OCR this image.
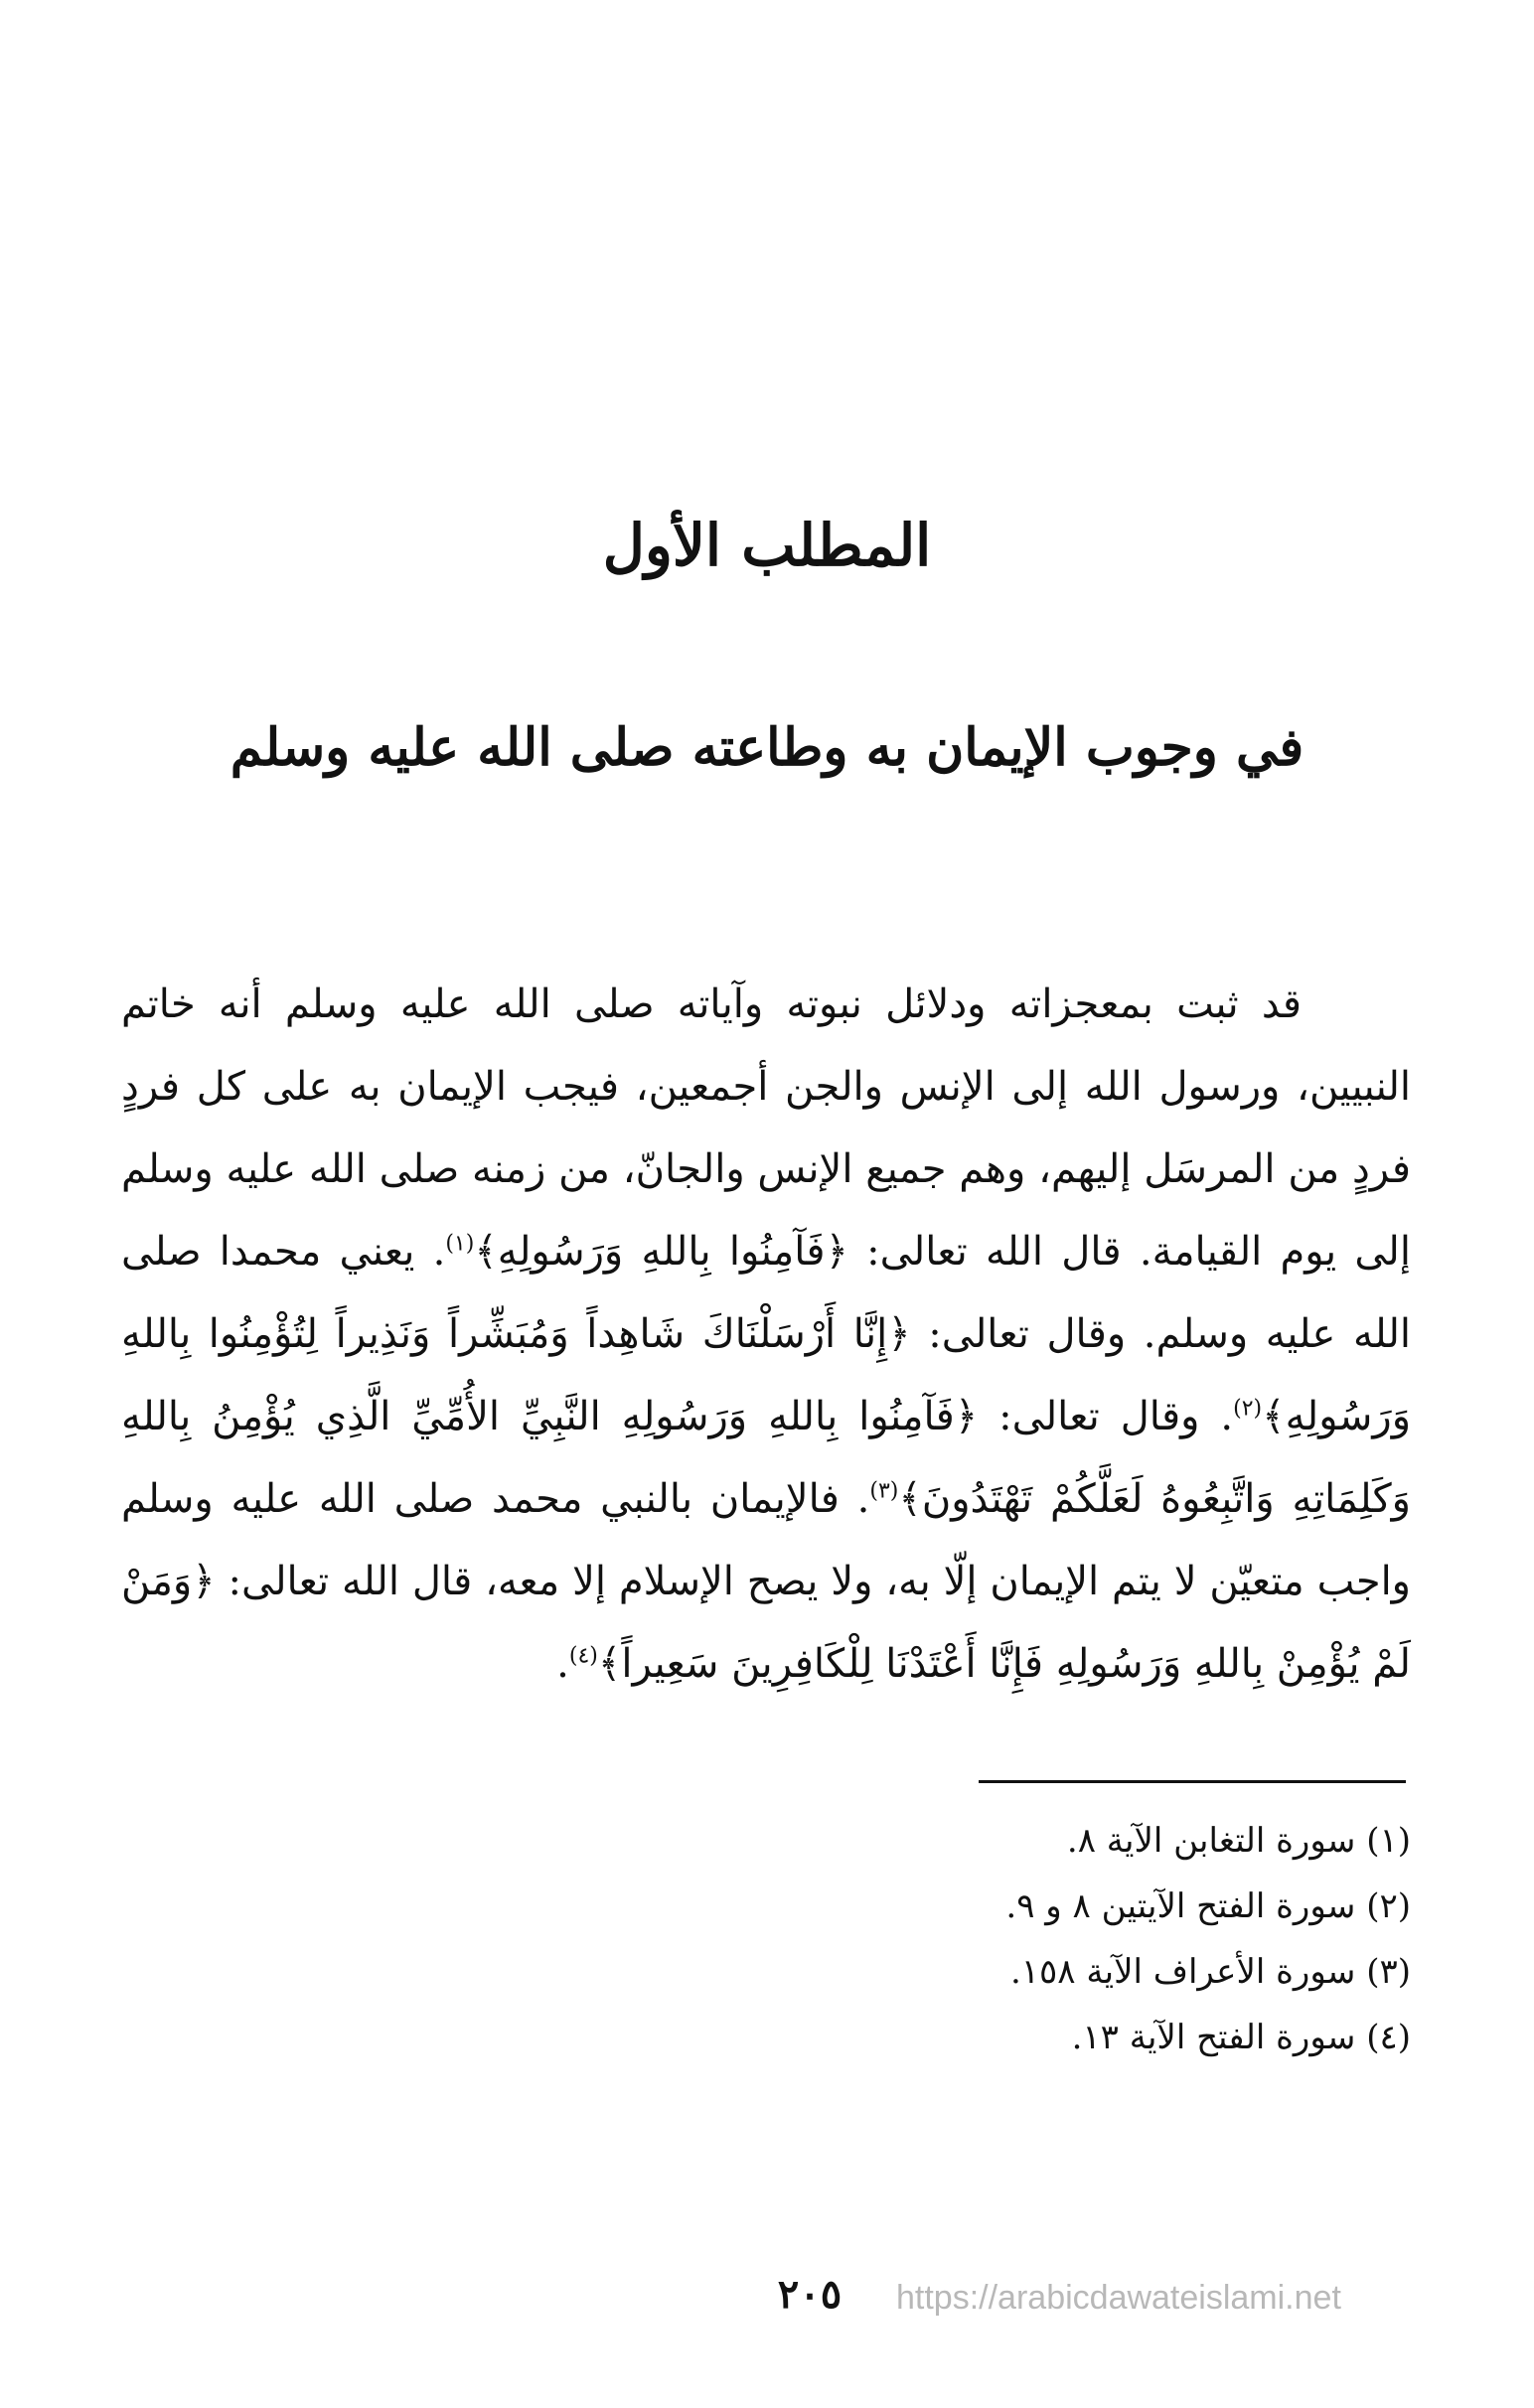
المطلب الأول
في وجوب الإيمان به وطاعته صلى الله عليه وسلم

قد ثبت بمعجزاته ودلائل نبوته وآياته صلى الله عليه وسلم أنه خاتم النبيين، ورسول الله إلى الإنس والجن أجمعين، فيجب الإيمان به على كل فردٍ فردٍ من المرسَل إليهم، وهم جميع الإنس والجانّ، من زمنه صلى الله عليه وسلم إلى يوم القيامة. قال الله تعالى: ﴿فَآمِنُوا بِاللهِ وَرَسُولِهِ﴾$^{(١)}$. يعني محمدا صلى الله عليه وسلم. وقال تعالى: ﴿إِنَّا أَرْسَلْنَاكَ شَاهِداً وَمُبَشِّراً وَنَذِيراً لِتُؤْمِنُوا بِاللهِ وَرَسُولِهِ﴾$^{(٢)}$. وقال تعالى: ﴿فَآمِنُوا بِاللهِ وَرَسُولِهِ النَّبِيِّ الأُمِّيِّ الَّذِي يُؤْمِنُ بِاللهِ وَكَلِمَاتِهِ وَاتَّبِعُوهُ لَعَلَّكُمْ تَهْتَدُونَ﴾$^{(٣)}$. فالإيمان بالنبي محمد صلى الله عليه وسلم واجب متعيّن لا يتم الإيمان إلّا به، ولا يصح الإسلام إلا معه، قال الله تعالى: ﴿وَمَنْ لَمْ يُؤْمِنْ بِاللهِ وَرَسُولِهِ فَإِنَّا أَعْتَدْنَا لِلْكَافِرِينَ سَعِيراً﴾$^{(٤)}$.

(١) سورة التغابن الآية ٨.
(٢) سورة الفتح الآيتين ٨ و ٩.
(٣) سورة الأعراف الآية ١٥٨.
(٤) سورة الفتح الآية ١٣.
٢٠٥	https://arabicdawateislami.net
